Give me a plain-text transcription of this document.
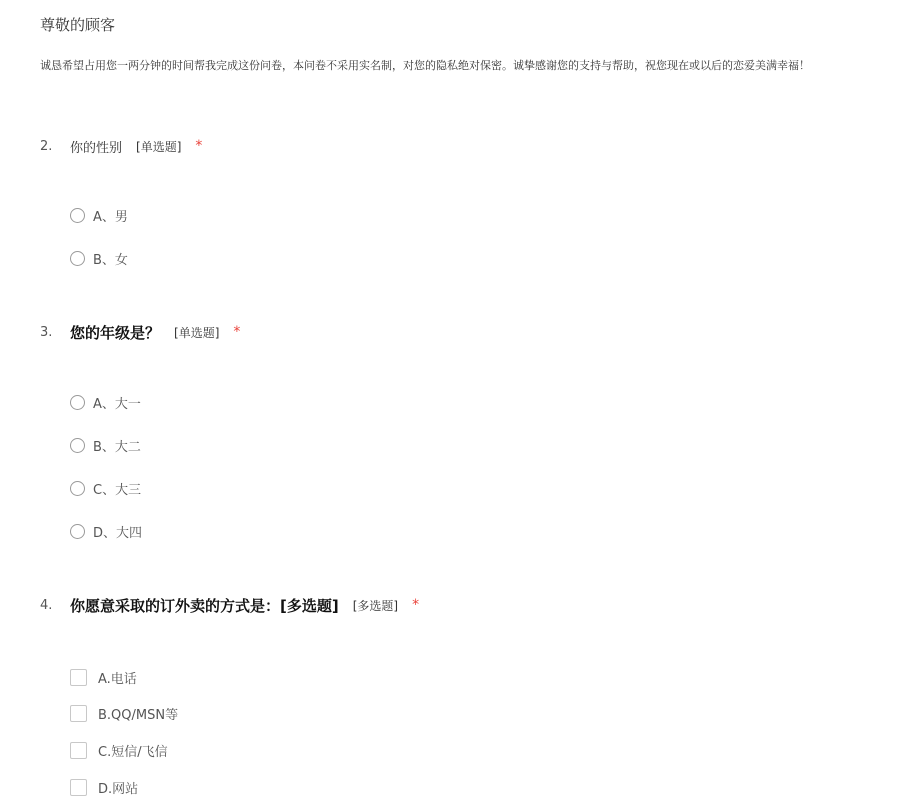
尊敬的顾客
诚恳希望占用您一两分钟的时间帮我完成这份问卷，本问卷不采用实名制，对您的隐私绝对保密。诚挚感谢您的支持与帮助，祝您现在或以后的恋爱美满幸福！
2.	你的性别 [单选题] *
A、男
B、女
3.	您的年级是？ [单选题] *
A、大一
B、大二
C、大三
D、大四
4.	你愿意采取的订外卖的方式是：[多选题] [多选题] *
A.电话
B.QQ/MSN等
C.短信/飞信
D.网站
